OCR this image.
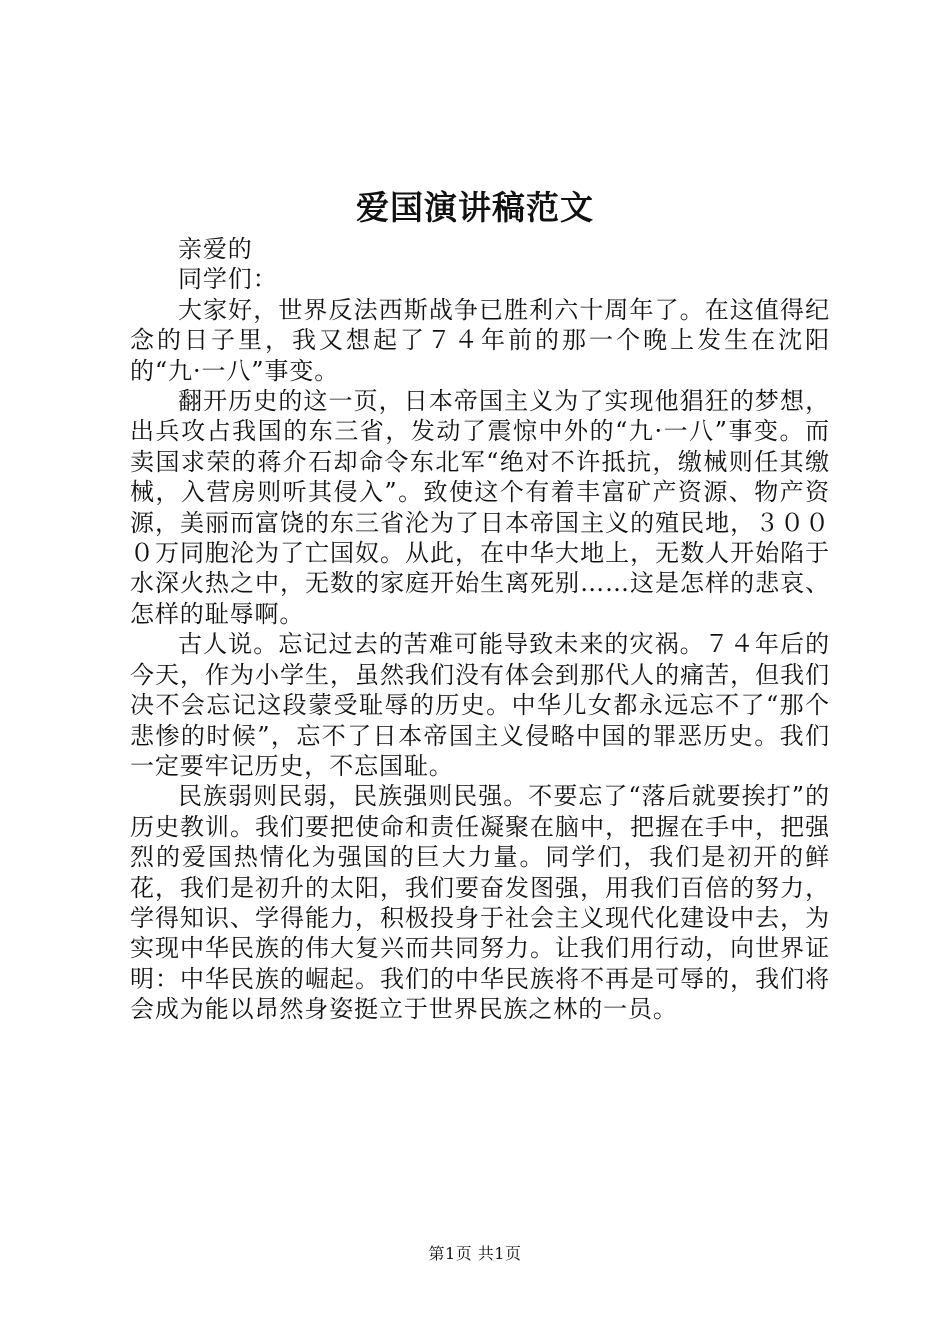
爱国演讲稿范文

亲爱的

同学们：

大家好，世界反法西斯战争已胜利六十周年了。在这值得纪念的日子里，我又想起了７４年前的那一个晚上发生在沈阳的“九·一八”事变。

翻开历史的这一页，日本帝国主义为了实现他猖狂的梦想，出兵攻占我国的东三省，发动了震惊中外的“九·一八”事变。而卖国求荣的蒋介石却命令东北军“绝对不许抵抗，缴械则任其缴械，入营房则听其侵入”。致使这个有着丰富矿产资源、物产资源，美丽而富饶的东三省沦为了日本帝国主义的殖民地，３０００万同胞沦为了亡国奴。从此，在中华大地上，无数人开始陷于水深火热之中，无数的家庭开始生离死别……这是怎样的悲哀、怎样的耻辱啊。

古人说。忘记过去的苦难可能导致未来的灾祸。７４年后的今天，作为小学生，虽然我们没有体会到那代人的痛苦，但我们决不会忘记这段蒙受耻辱的历史。中华儿女都永远忘不了“那个悲惨的时候”，忘不了日本帝国主义侵略中国的罪恶历史。我们一定要牢记历史，不忘国耻。

民族弱则民弱，民族强则民强。不要忘了“落后就要挨打”的历史教训。我们要把使命和责任凝聚在脑中，把握在手中，把强烈的爱国热情化为强国的巨大力量。同学们，我们是初开的鲜花，我们是初升的太阳，我们要奋发图强，用我们百倍的努力，学得知识、学得能力，积极投身于社会主义现代化建设中去，为实现中华民族的伟大复兴而共同努力。让我们用行动，向世界证明：中华民族的崛起。我们的中华民族将不再是可辱的，我们将会成为能以昂然身姿挺立于世界民族之林的一员。

第1页 共1页
